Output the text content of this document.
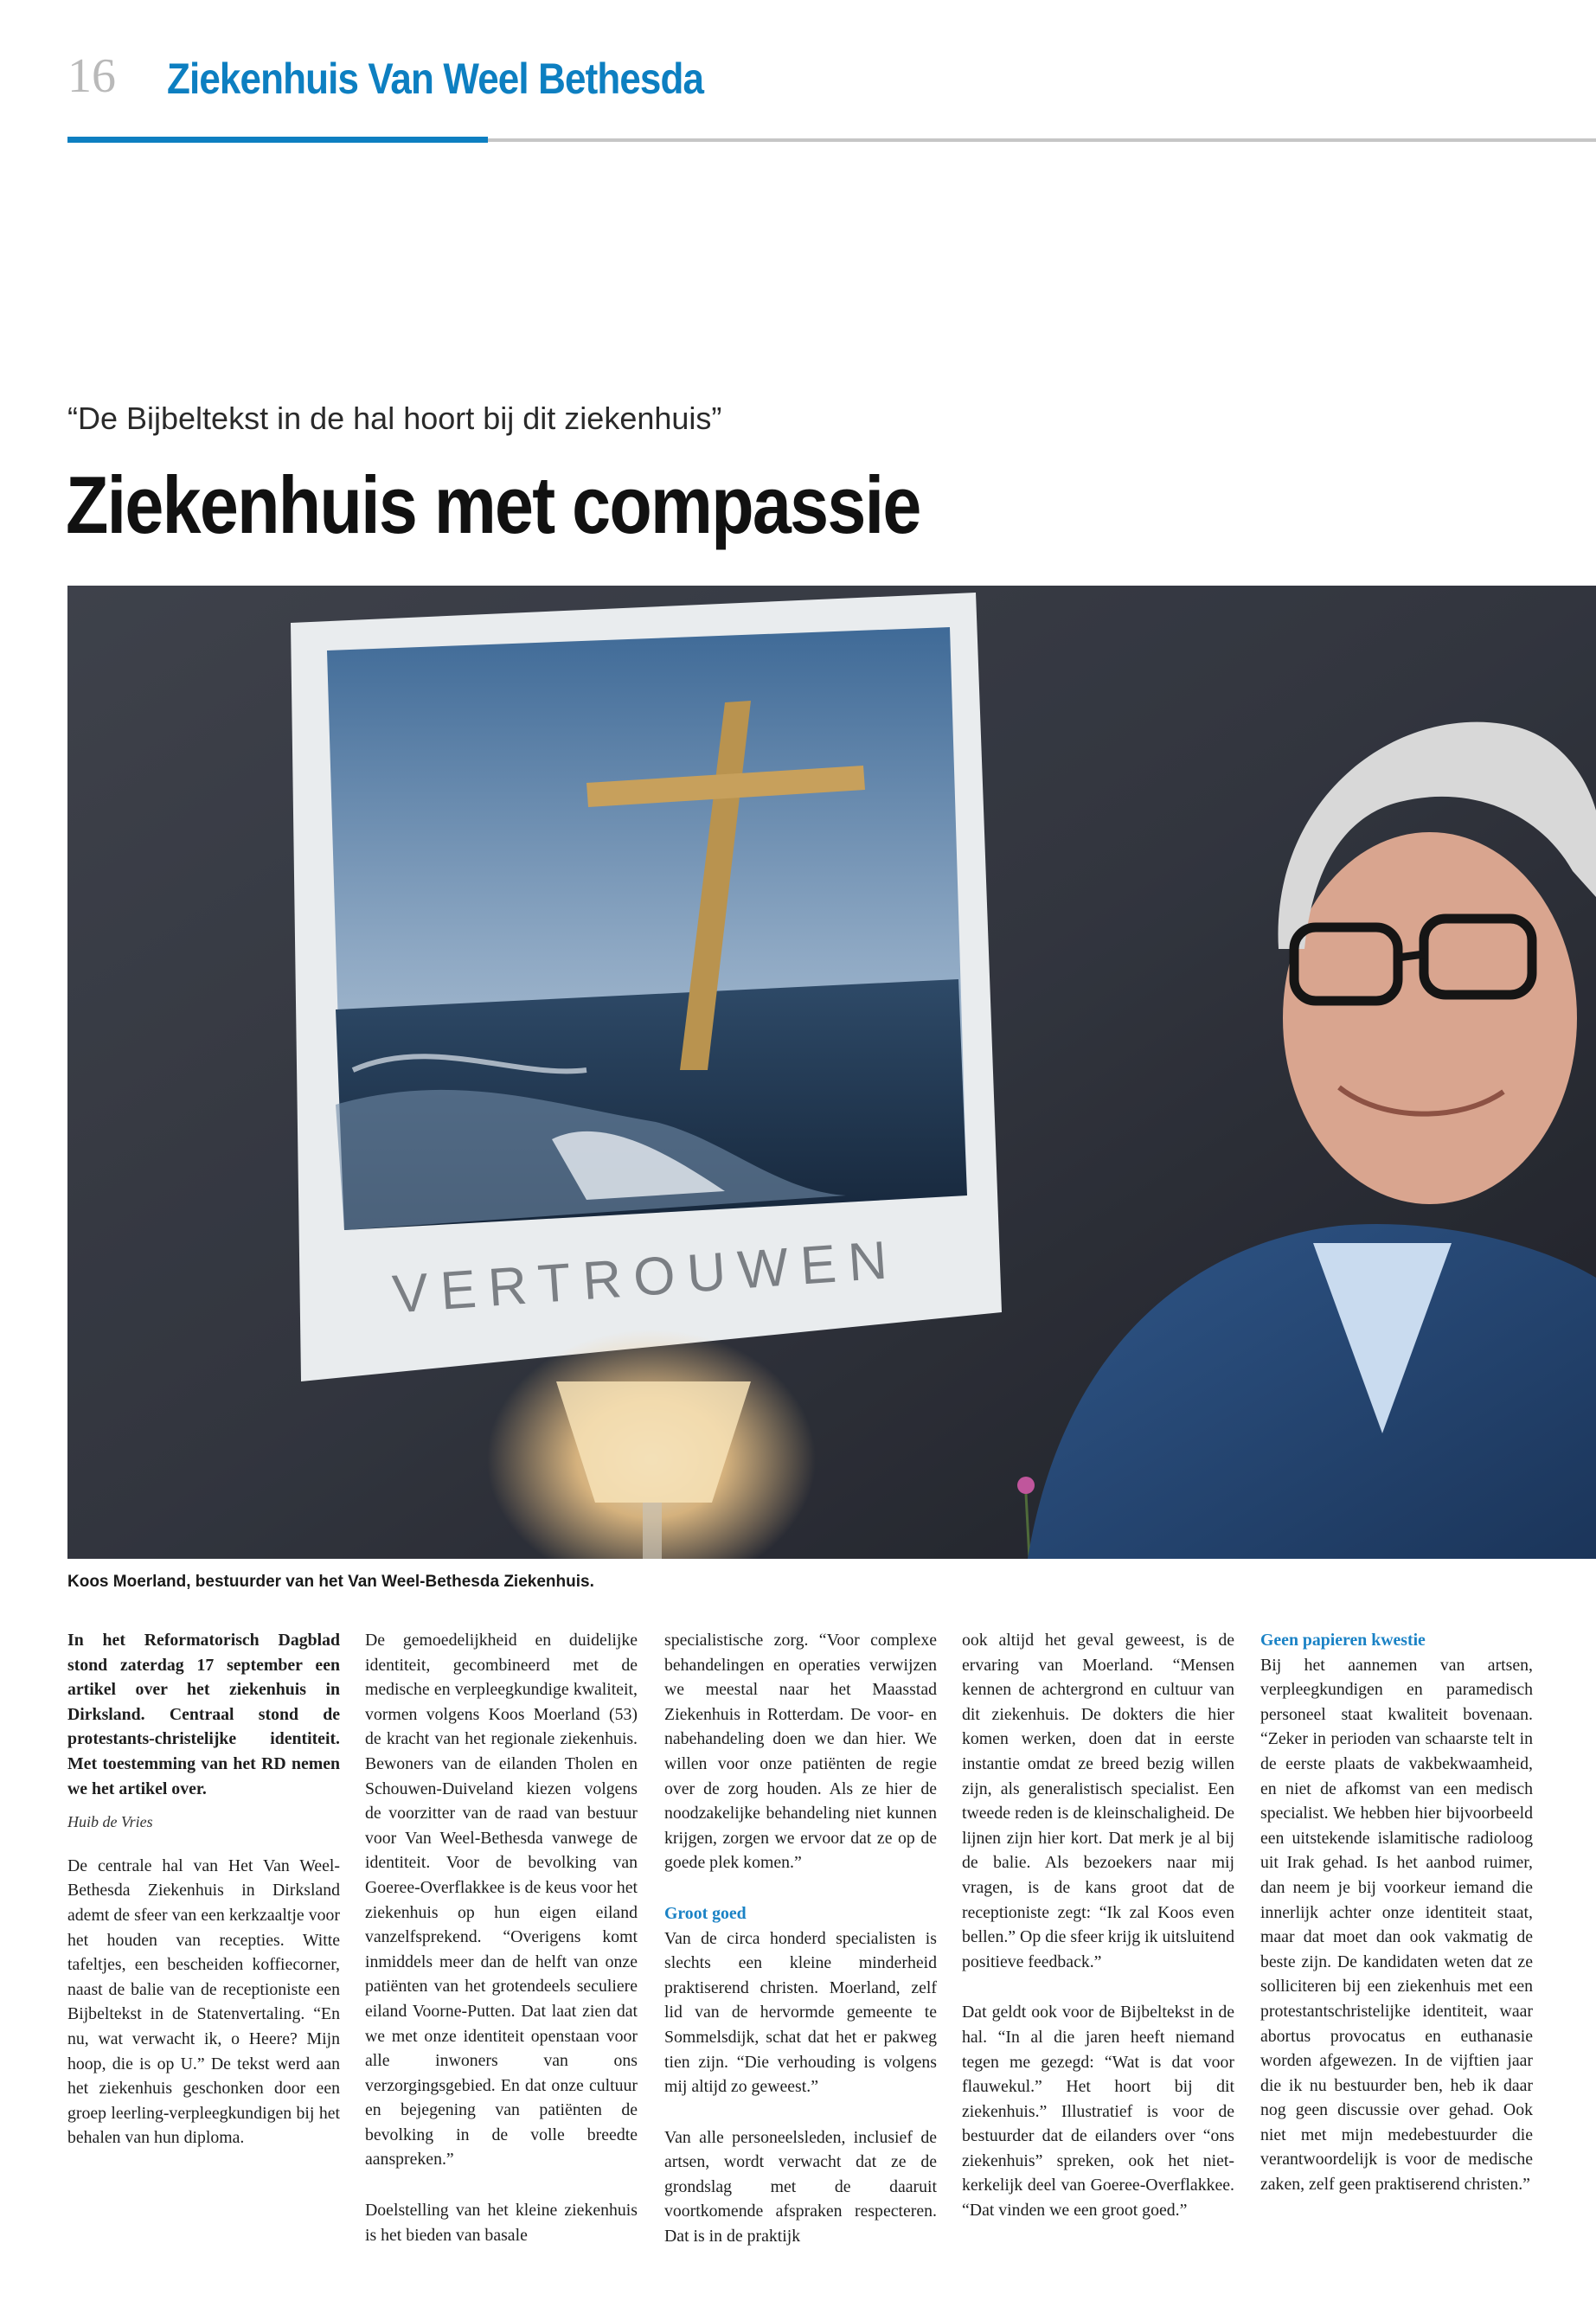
16 Ziekenhuis Van Weel Bethesda
“De Bijbeltekst in de hal hoort bij dit ziekenhuis”
Ziekenhuis met compassie
VERTROUWEN
Koos Moerland, bestuurder van het Van Weel-Bethesda Ziekenhuis.

In het Reformatorisch Dagblad stond zaterdag 17 september een artikel over het ziekenhuis in Dirksland. Centraal stond de protestants-christelijke identiteit. Met toestemming van het RD nemen we het artikel over.

Huib de Vries

De centrale hal van Het Van Weel-Bethesda Ziekenhuis in Dirksland ademt de sfeer van een kerkzaaltje voor het houden van recepties. Witte tafeltjes, een bescheiden koffiecorner, naast de balie van de receptioniste een Bijbeltekst in de Statenvertaling. “En nu, wat verwacht ik, o Heere? Mijn hoop, die is op U.” De tekst werd aan het ziekenhuis geschonken door een groep leerling-verpleegkundigen bij het behalen van hun diploma.

De gemoedelijkheid en duidelijke identiteit, gecombineerd met de medische en verpleegkundige kwaliteit, vormen volgens Koos Moerland (53) de kracht van het regionale ziekenhuis. Bewoners van de eilanden Tholen en Schouwen-Duiveland kiezen volgens de voorzitter van de raad van bestuur voor Van Weel-Bethesda vanwege de identiteit. Voor de bevolking van Goeree-Overflakkee is de keus voor het ziekenhuis op hun eigen eiland vanzelfsprekend. “Overigens komt inmiddels meer dan de helft van onze patiënten van het grotendeels seculiere eiland Voorne-Putten. Dat laat zien dat we met onze identiteit openstaan voor alle inwoners van ons verzorgingsgebied. En dat onze cultuur en bejegening van patiënten de bevolking in de volle breedte aanspreken.”

Doelstelling van het kleine ziekenhuis is het bieden van basale

specialistische zorg. “Voor complexe behandelingen en operaties verwijzen we meestal naar het Maasstad Ziekenhuis in Rotterdam. De voor- en nabehandeling doen we dan hier. We willen voor onze patiënten de regie over de zorg houden. Als ze hier de noodzakelijke behandeling niet kunnen krijgen, zorgen we ervoor dat ze op de goede plek komen.”

Groot goed

Van de circa honderd specialisten is slechts een kleine minderheid praktiserend christen. Moerland, zelf lid van de hervormde gemeente te Sommelsdijk, schat dat het er pakweg tien zijn. “Die verhouding is volgens mij altijd zo geweest.”

Van alle personeelsleden, inclusief de artsen, wordt verwacht dat ze de grondslag met de daaruit voortkomende afspraken respecteren. Dat is in de praktijk

ook altijd het geval geweest, is de ervaring van Moerland. “Mensen kennen de achtergrond en cultuur van dit ziekenhuis. De dokters die hier komen werken, doen dat in eerste instantie omdat ze breed bezig willen zijn, als generalistisch specialist. Een tweede reden is de kleinschaligheid. De lijnen zijn hier kort. Dat merk je al bij de balie. Als bezoekers naar mij vragen, is de kans groot dat de receptioniste zegt: “Ik zal Koos even bellen.” Op die sfeer krijg ik uitsluitend positieve feedback.”

Dat geldt ook voor de Bijbeltekst in de hal. “In al die jaren heeft niemand tegen me gezegd: “Wat is dat voor flauwekul.” Het hoort bij dit ziekenhuis.” Illustratief is voor de bestuurder dat de eilanders over “ons ziekenhuis” spreken, ook het niet-kerkelijk deel van Goeree-Overflakkee. “Dat vinden we een groot goed.”

Geen papieren kwestie

Bij het aannemen van artsen, verpleegkundigen en paramedisch personeel staat kwaliteit bovenaan. “Zeker in perioden van schaarste telt in de eerste plaats de vakbekwaamheid, en niet de afkomst van een medisch specialist. We hebben hier bijvoorbeeld een uitstekende islamitische radioloog uit Irak gehad. Is het aanbod ruimer, dan neem je bij voorkeur iemand die innerlijk achter onze identiteit staat, maar dat moet dan ook vakmatig de beste zijn. De kandidaten weten dat ze solliciteren bij een ziekenhuis met een protestantschristelijke identiteit, waar abortus provocatus en euthanasie worden afgewezen. In de vijftien jaar die ik nu bestuurder ben, heb ik daar nog geen discussie over gehad. Ook niet met mijn medebestuurder die verantwoordelijk is voor de medische zaken, zelf geen praktiserend christen.”
